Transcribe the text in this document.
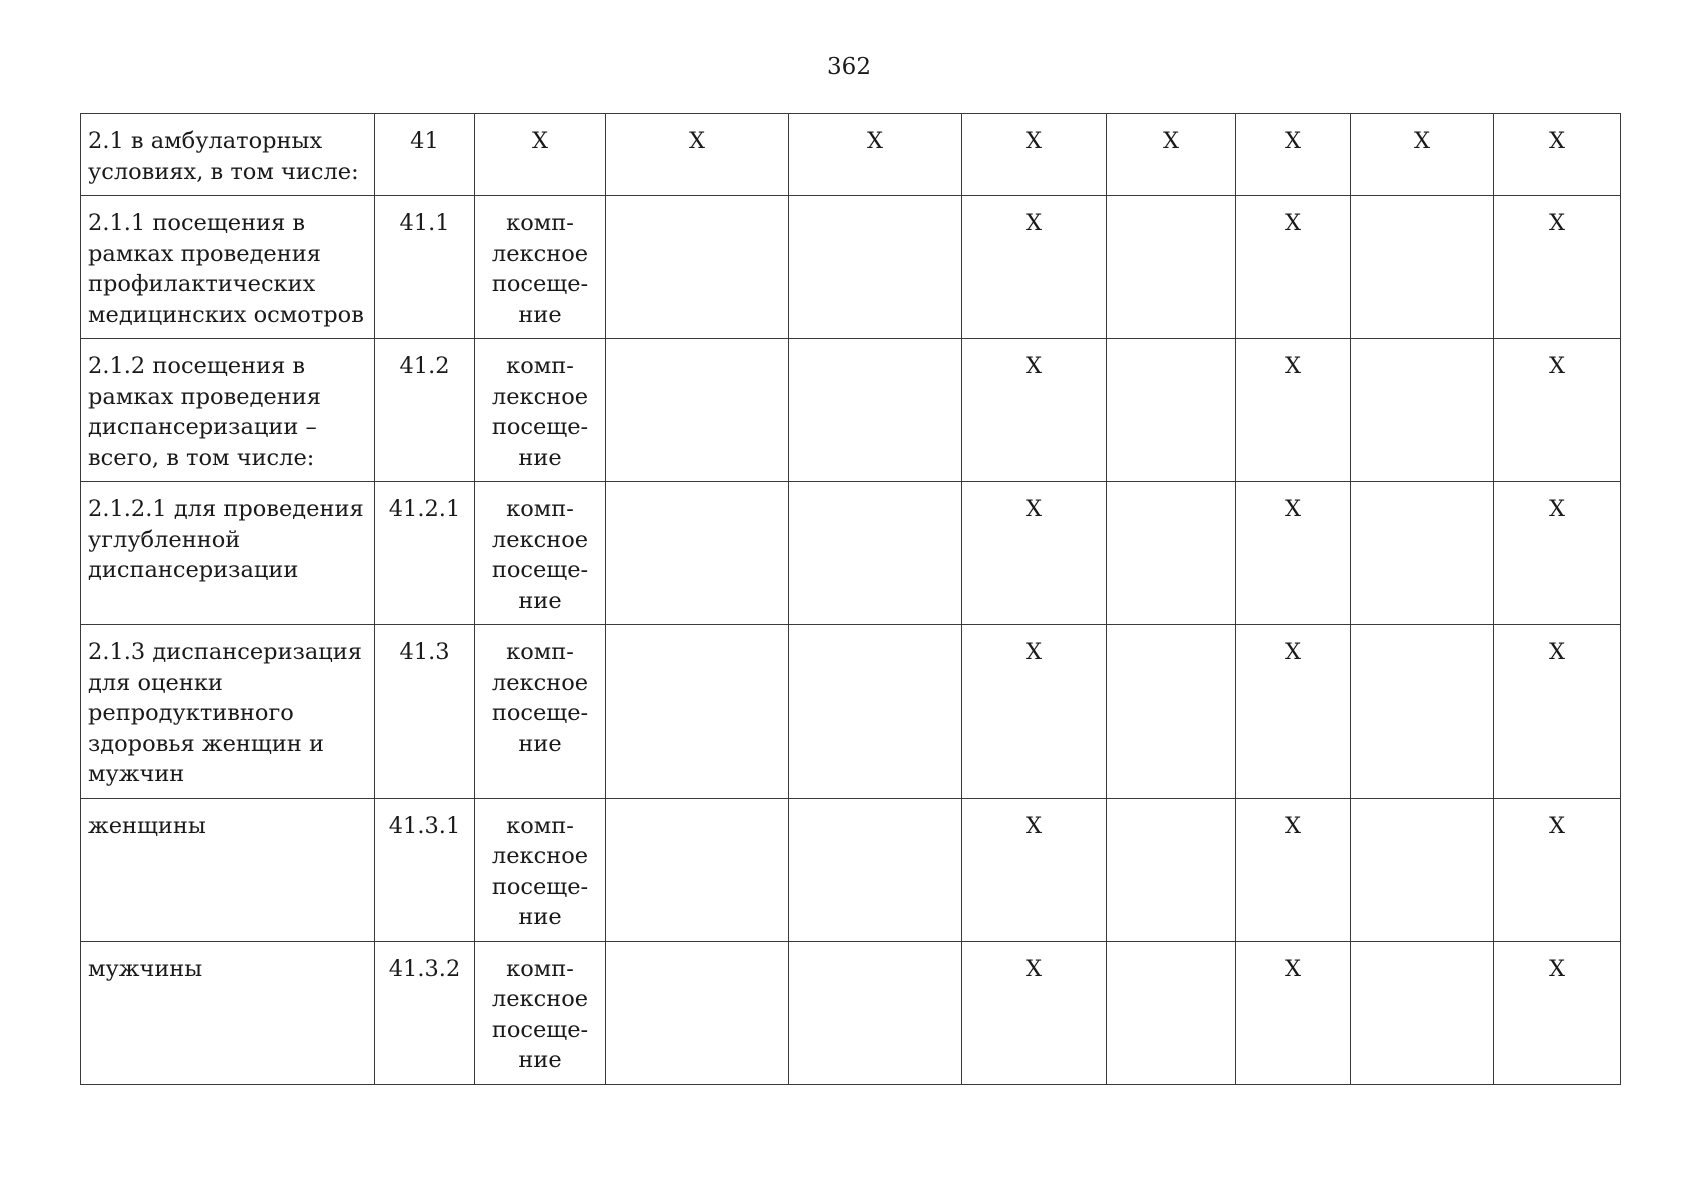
362
2.1 в амбулаторных
условиях, в том числе:	41	X	X	X	X	X	X	X	X
2.1.1 посещения в
рамках проведения
профилактических
медицинских осмотров	41.1	комп-
лексное
посеще-
ние			X		X		X
2.1.2 посещения в
рамках проведения
диспансеризации –
всего, в том числе:	41.2	комп-
лексное
посеще-
ние			X		X		X
2.1.2.1 для проведения
углубленной
диспансеризации	41.2.1	комп-
лексное
посеще-
ние			X		X		X
2.1.3 диспансеризация
для оценки
репродуктивного
здоровья женщин и
мужчин	41.3	комп-
лексное
посеще-
ние			X		X		X
женщины	41.3.1	комп-
лексное
посеще-
ние			X		X		X
мужчины	41.3.2	комп-
лексное
посеще-
ние			X		X		X
